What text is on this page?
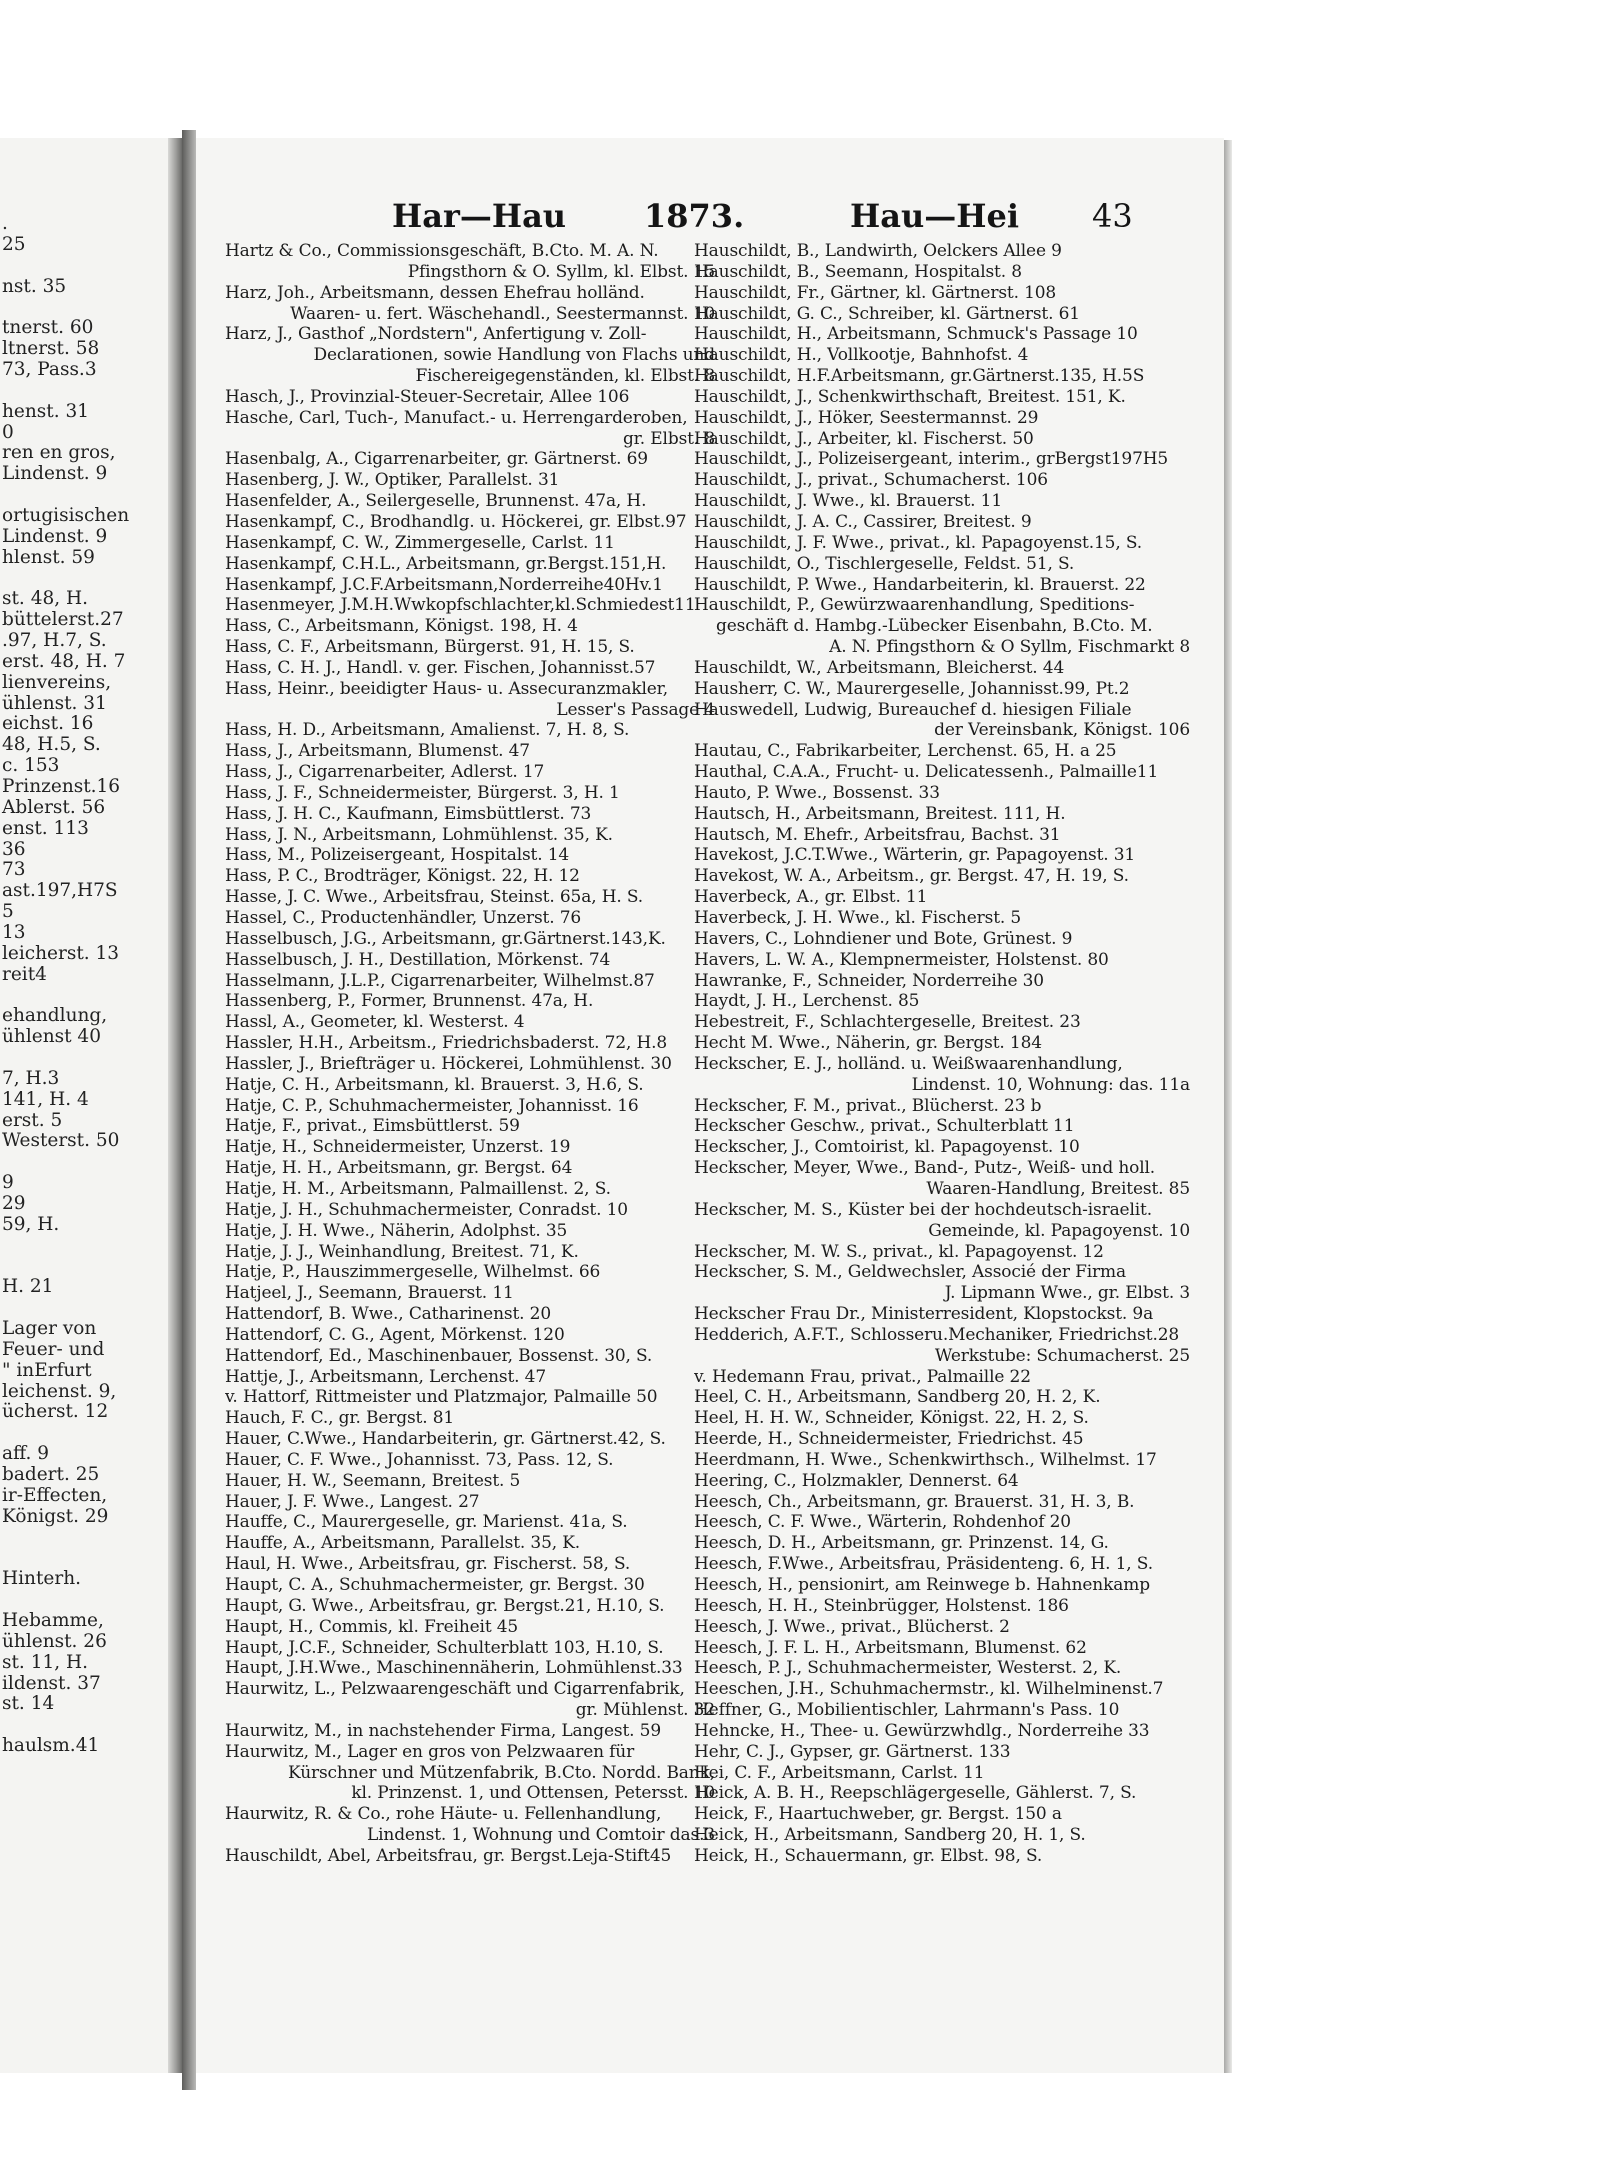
.
25
nst. 35
tnerst. 60
ltnerst. 58
73, Pass.3
henst. 31
0
ren en gros,
Lindenst. 9
ortugisischen
Lindenst. 9
hlenst. 59
st. 48, H.
büttelerst.27
.97, H.7, S.
erst. 48, H. 7
lienvereins,
ühlenst. 31
eichst. 16
48, H.5, S.
c. 153
Prinzenst.16
Ablerst. 56
enst. 113
36
73
ast.197,H7S
5
13
leicherst. 13
reit4
ehandlung,
ühlenst 40
7, H.3
141, H. 4
erst. 5
Westerst. 50
9
29
59, H.
H. 21
Lager von
Feuer- und
" inErfurt
leichenst. 9,
ücherst. 12
aff. 9
badert. 25
ir-Effecten,
Königst. 29
Hinterh.
Hebamme,
ühlenst. 26
st. 11, H.
ildenst. 37
st. 14
haulsm.41
Har—Hau 1873.	Hau—Hei 43
Hartz & Co., Commissionsgeschäft, B.Cto. M. A. N.
Pfingsthorn & O. Syllm, kl. Elbst. 15
Harz, Joh., Arbeitsmann, dessen Ehefrau holländ.
Waaren- u. fert. Wäschehandl., Seestermannst. 10
Harz, J., Gasthof „Nordstern", Anfertigung v. Zoll-
Declarationen, sowie Handlung von Flachs und
Fischereigegenständen, kl. Elbst. 8
Hasch, J., Provinzial-Steuer-Secretair, Allee 106
Hasche, Carl, Tuch-, Manufact.- u. Herrengarderoben,
gr. Elbst. 8
Hasenbalg, A., Cigarrenarbeiter, gr. Gärtnerst. 69
Hasenberg, J. W., Optiker, Parallelst. 31
Hasenfelder, A., Seilergeselle, Brunnenst. 47a, H.
Hasenkampf, C., Brodhandlg. u. Höckerei, gr. Elbst.97
Hasenkampf, C. W., Zimmergeselle, Carlst. 11
Hasenkampf, C.H.L., Arbeitsmann, gr.Bergst.151,H.
Hasenkampf, J.C.F.Arbeitsmann,Norderreihe40Hv.1
Hasenmeyer, J.M.H.Wwkopfschlachter,kl.Schmiedest11
Hass, C., Arbeitsmann, Königst. 198, H. 4
Hass, C. F., Arbeitsmann, Bürgerst. 91, H. 15, S.
Hass, C. H. J., Handl. v. ger. Fischen, Johannisst.57
Hass, Heinr., beeidigter Haus- u. Assecuranzmakler,
Lesser's Passage 4
Hass, H. D., Arbeitsmann, Amalienst. 7, H. 8, S.
Hass, J., Arbeitsmann, Blumenst. 47
Hass, J., Cigarrenarbeiter, Adlerst. 17
Hass, J. F., Schneidermeister, Bürgerst. 3, H. 1
Hass, J. H. C., Kaufmann, Eimsbüttlerst. 73
Hass, J. N., Arbeitsmann, Lohmühlenst. 35, K.
Hass, M., Polizeisergeant, Hospitalst. 14
Hass, P. C., Brodträger, Königst. 22, H. 12
Hasse, J. C. Wwe., Arbeitsfrau, Steinst. 65a, H. S.
Hassel, C., Productenhändler, Unzerst. 76
Hasselbusch, J.G., Arbeitsmann, gr.Gärtnerst.143,K.
Hasselbusch, J. H., Destillation, Mörkenst. 74
Hasselmann, J.L.P., Cigarrenarbeiter, Wilhelmst.87
Hassenberg, P., Former, Brunnenst. 47a, H.
Hassl, A., Geometer, kl. Westerst. 4
Hassler, H.H., Arbeitsm., Friedrichsbaderst. 72, H.8
Hassler, J., Briefträger u. Höckerei, Lohmühlenst. 30
Hatje, C. H., Arbeitsmann, kl. Brauerst. 3, H.6, S.
Hatje, C. P., Schuhmachermeister, Johannisst. 16
Hatje, F., privat., Eimsbüttlerst. 59
Hatje, H., Schneidermeister, Unzerst. 19
Hatje, H. H., Arbeitsmann, gr. Bergst. 64
Hatje, H. M., Arbeitsmann, Palmaillenst. 2, S.
Hatje, J. H., Schuhmachermeister, Conradst. 10
Hatje, J. H. Wwe., Näherin, Adolphst. 35
Hatje, J. J., Weinhandlung, Breitest. 71, K.
Hatje, P., Hauszimmergeselle, Wilhelmst. 66
Hatjeel, J., Seemann, Brauerst. 11
Hattendorf, B. Wwe., Catharinenst. 20
Hattendorf, C. G., Agent, Mörkenst. 120
Hattendorf, Ed., Maschinenbauer, Bossenst. 30, S.
Hattje, J., Arbeitsmann, Lerchenst. 47
v. Hattorf, Rittmeister und Platzmajor, Palmaille 50
Hauch, F. C., gr. Bergst. 81
Hauer, C.Wwe., Handarbeiterin, gr. Gärtnerst.42, S.
Hauer, C. F. Wwe., Johannisst. 73, Pass. 12, S.
Hauer, H. W., Seemann, Breitest. 5
Hauer, J. F. Wwe., Langest. 27
Hauffe, C., Maurergeselle, gr. Marienst. 41a, S.
Hauffe, A., Arbeitsmann, Parallelst. 35, K.
Haul, H. Wwe., Arbeitsfrau, gr. Fischerst. 58, S.
Haupt, C. A., Schuhmachermeister, gr. Bergst. 30
Haupt, G. Wwe., Arbeitsfrau, gr. Bergst.21, H.10, S.
Haupt, H., Commis, kl. Freiheit 45
Haupt, J.C.F., Schneider, Schulterblatt 103, H.10, S.
Haupt, J.H.Wwe., Maschinennäherin, Lohmühlenst.33
Haurwitz, L., Pelzwaarengeschäft und Cigarrenfabrik,
gr. Mühlenst. 32
Haurwitz, M., in nachstehender Firma, Langest. 59
Haurwitz, M., Lager en gros von Pelzwaaren für
Kürschner und Mützenfabrik, B.Cto. Nordd. Bank,
kl. Prinzenst. 1, und Ottensen, Petersst. 10
Haurwitz, R. & Co., rohe Häute- u. Fellenhandlung,
Lindenst. 1, Wohnung und Comtoir das.3
Hauschildt, Abel, Arbeitsfrau, gr. Bergst.Leja-Stift45
Hauschildt, B., Landwirth, Oelckers Allee 9
Hauschildt, B., Seemann, Hospitalst. 8
Hauschildt, Fr., Gärtner, kl. Gärtnerst. 108
Hauschildt, G. C., Schreiber, kl. Gärtnerst. 61
Hauschildt, H., Arbeitsmann, Schmuck's Passage 10
Hauschildt, H., Vollkootje, Bahnhofst. 4
Hauschildt, H.F.Arbeitsmann, gr.Gärtnerst.135, H.5S
Hauschildt, J., Schenkwirthschaft, Breitest. 151, K.
Hauschildt, J., Höker, Seestermannst. 29
Hauschildt, J., Arbeiter, kl. Fischerst. 50
Hauschildt, J., Polizeisergeant, interim., grBergst197H5
Hauschildt, J., privat., Schumacherst. 106
Hauschildt, J. Wwe., kl. Brauerst. 11
Hauschildt, J. A. C., Cassirer, Breitest. 9
Hauschildt, J. F. Wwe., privat., kl. Papagoyenst.15, S.
Hauschildt, O., Tischlergeselle, Feldst. 51, S.
Hauschildt, P. Wwe., Handarbeiterin, kl. Brauerst. 22
Hauschildt, P., Gewürzwaarenhandlung, Speditions-
geschäft d. Hambg.-Lübecker Eisenbahn, B.Cto. M.
A. N. Pfingsthorn & O Syllm, Fischmarkt 8
Hauschildt, W., Arbeitsmann, Bleicherst. 44
Hausherr, C. W., Maurergeselle, Johannisst.99, Pt.2
Hauswedell, Ludwig, Bureauchef d. hiesigen Filiale
der Vereinsbank, Königst. 106
Hautau, C., Fabrikarbeiter, Lerchenst. 65, H. a 25
Hauthal, C.A.A., Frucht- u. Delicatessenh., Palmaille11
Hauto, P. Wwe., Bossenst. 33
Hautsch, H., Arbeitsmann, Breitest. 111, H.
Hautsch, M. Ehefr., Arbeitsfrau, Bachst. 31
Havekost, J.C.T.Wwe., Wärterin, gr. Papagoyenst. 31
Havekost, W. A., Arbeitsm., gr. Bergst. 47, H. 19, S.
Haverbeck, A., gr. Elbst. 11
Haverbeck, J. H. Wwe., kl. Fischerst. 5
Havers, C., Lohndiener und Bote, Grünest. 9
Havers, L. W. A., Klempnermeister, Holstenst. 80
Hawranke, F., Schneider, Norderreihe 30
Haydt, J. H., Lerchenst. 85
Hebestreit, F., Schlachtergeselle, Breitest. 23
Hecht M. Wwe., Näherin, gr. Bergst. 184
Heckscher, E. J., holländ. u. Weißwaarenhandlung,
Lindenst. 10, Wohnung: das. 11a
Heckscher, F. M., privat., Blücherst. 23 b
Heckscher Geschw., privat., Schulterblatt 11
Heckscher, J., Comtoirist, kl. Papagoyenst. 10
Heckscher, Meyer, Wwe., Band-, Putz-, Weiß- und holl.
Waaren-Handlung, Breitest. 85
Heckscher, M. S., Küster bei der hochdeutsch-israelit.
Gemeinde, kl. Papagoyenst. 10
Heckscher, M. W. S., privat., kl. Papagoyenst. 12
Heckscher, S. M., Geldwechsler, Associé der Firma
J. Lipmann Wwe., gr. Elbst. 3
Heckscher Frau Dr., Ministerresident, Klopstockst. 9a
Hedderich, A.F.T., Schlosseru.Mechaniker, Friedrichst.28
Werkstube: Schumacherst. 25
v. Hedemann Frau, privat., Palmaille 22
Heel, C. H., Arbeitsmann, Sandberg 20, H. 2, K.
Heel, H. H. W., Schneider, Königst. 22, H. 2, S.
Heerde, H., Schneidermeister, Friedrichst. 45
Heerdmann, H. Wwe., Schenkwirthsch., Wilhelmst. 17
Heering, C., Holzmakler, Dennerst. 64
Heesch, Ch., Arbeitsmann, gr. Brauerst. 31, H. 3, B.
Heesch, C. F. Wwe., Wärterin, Rohdenhof 20
Heesch, D. H., Arbeitsmann, gr. Prinzenst. 14, G.
Heesch, F.Wwe., Arbeitsfrau, Präsidenteng. 6, H. 1, S.
Heesch, H., pensionirt, am Reinwege b. Hahnenkamp
Heesch, H. H., Steinbrügger, Holstenst. 186
Heesch, J. Wwe., privat., Blücherst. 2
Heesch, J. F. L. H., Arbeitsmann, Blumenst. 62
Heesch, P. J., Schuhmachermeister, Westerst. 2, K.
Heeschen, J.H., Schuhmachermstr., kl. Wilhelminenst.7
Heffner, G., Mobilientischler, Lahrmann's Pass. 10
Hehncke, H., Thee- u. Gewürzwhdlg., Norderreihe 33
Hehr, C. J., Gypser, gr. Gärtnerst. 133
Hei, C. F., Arbeitsmann, Carlst. 11
Heick, A. B. H., Reepschlägergeselle, Gählerst. 7, S.
Heick, F., Haartuchweber, gr. Bergst. 150 a
Heick, H., Arbeitsmann, Sandberg 20, H. 1, S.
Heick, H., Schauermann, gr. Elbst. 98, S.
